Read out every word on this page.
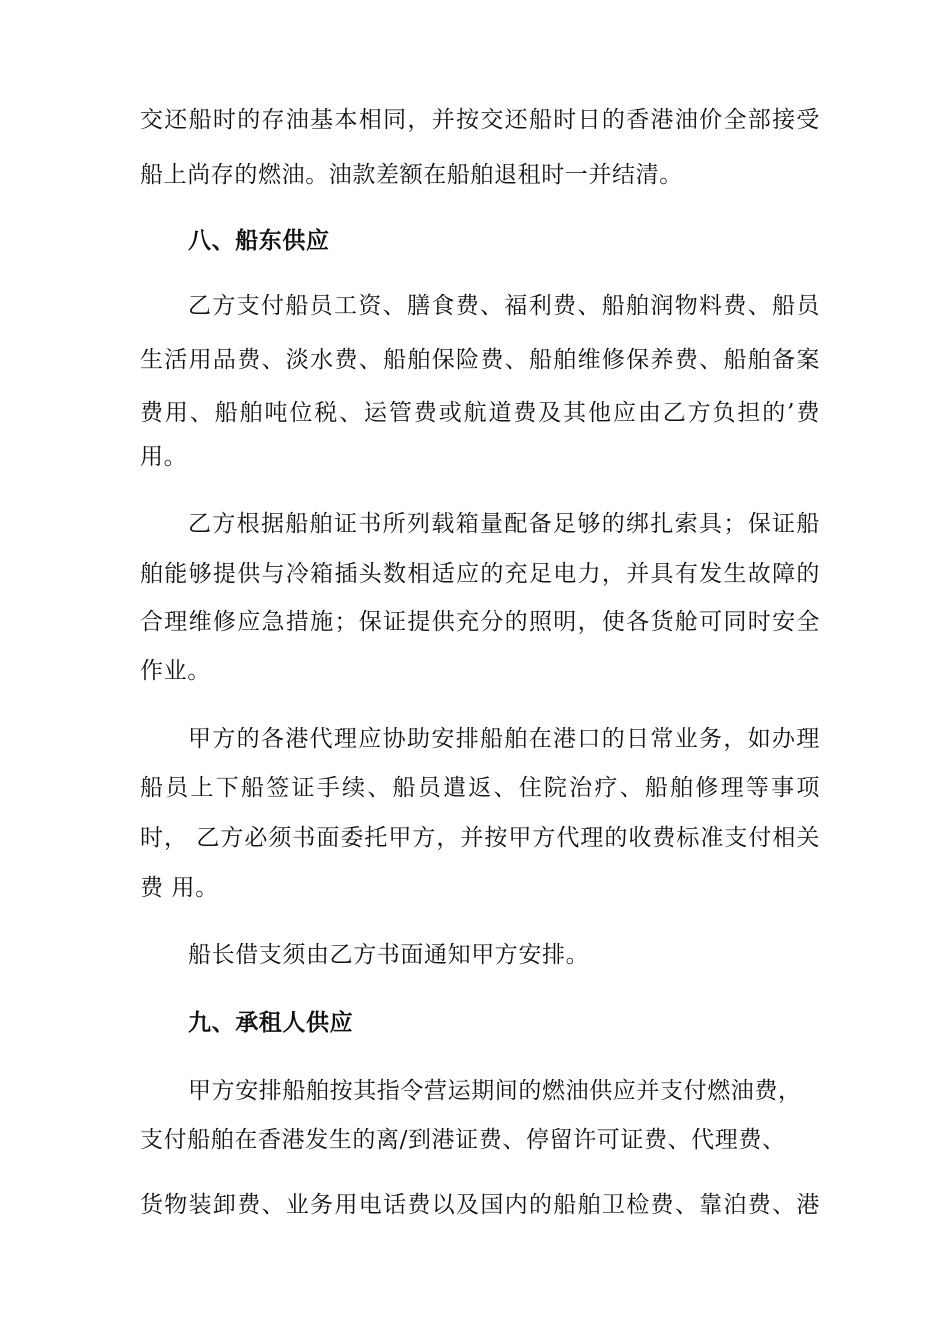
交还船时的存油基本相同，并按交还船时日的香港油价全部接受
船上尚存的燃油。油款差额在船舶退租时一并结清。
八、船东供应
乙方支付船员工资、膳食费、福利费、船舶润物料费、船员
生活用品费、淡水费、船舶保险费、船舶维修保养费、船舶备案
费用、船舶吨位税、运管费或航道费及其他应由乙方负担的’费
用。
乙方根据船舶证书所列载箱量配备足够的绑扎索具；保证船
舶能够提供与冷箱插头数相适应的充足电力，并具有发生故障的
合理维修应急措施；保证提供充分的照明，使各货舱可同时安全
作业。
甲方的各港代理应协助安排船舶在港口的日常业务，如办理
船员上下船签证手续、船员遣返、住院治疗、船舶修理等事项
时， 乙方必须书面委托甲方，并按甲方代理的收费标准支付相关
费 用。
船长借支须由乙方书面通知甲方安排。
九、承租人供应
甲方安排船舶按其指令营运期间的燃油供应并支付燃油费，
支付船舶在香港发生的离/到港证费、停留许可证费、代理费、
货物装卸费、业务用电话费以及国内的船舶卫检费、靠泊费、港
